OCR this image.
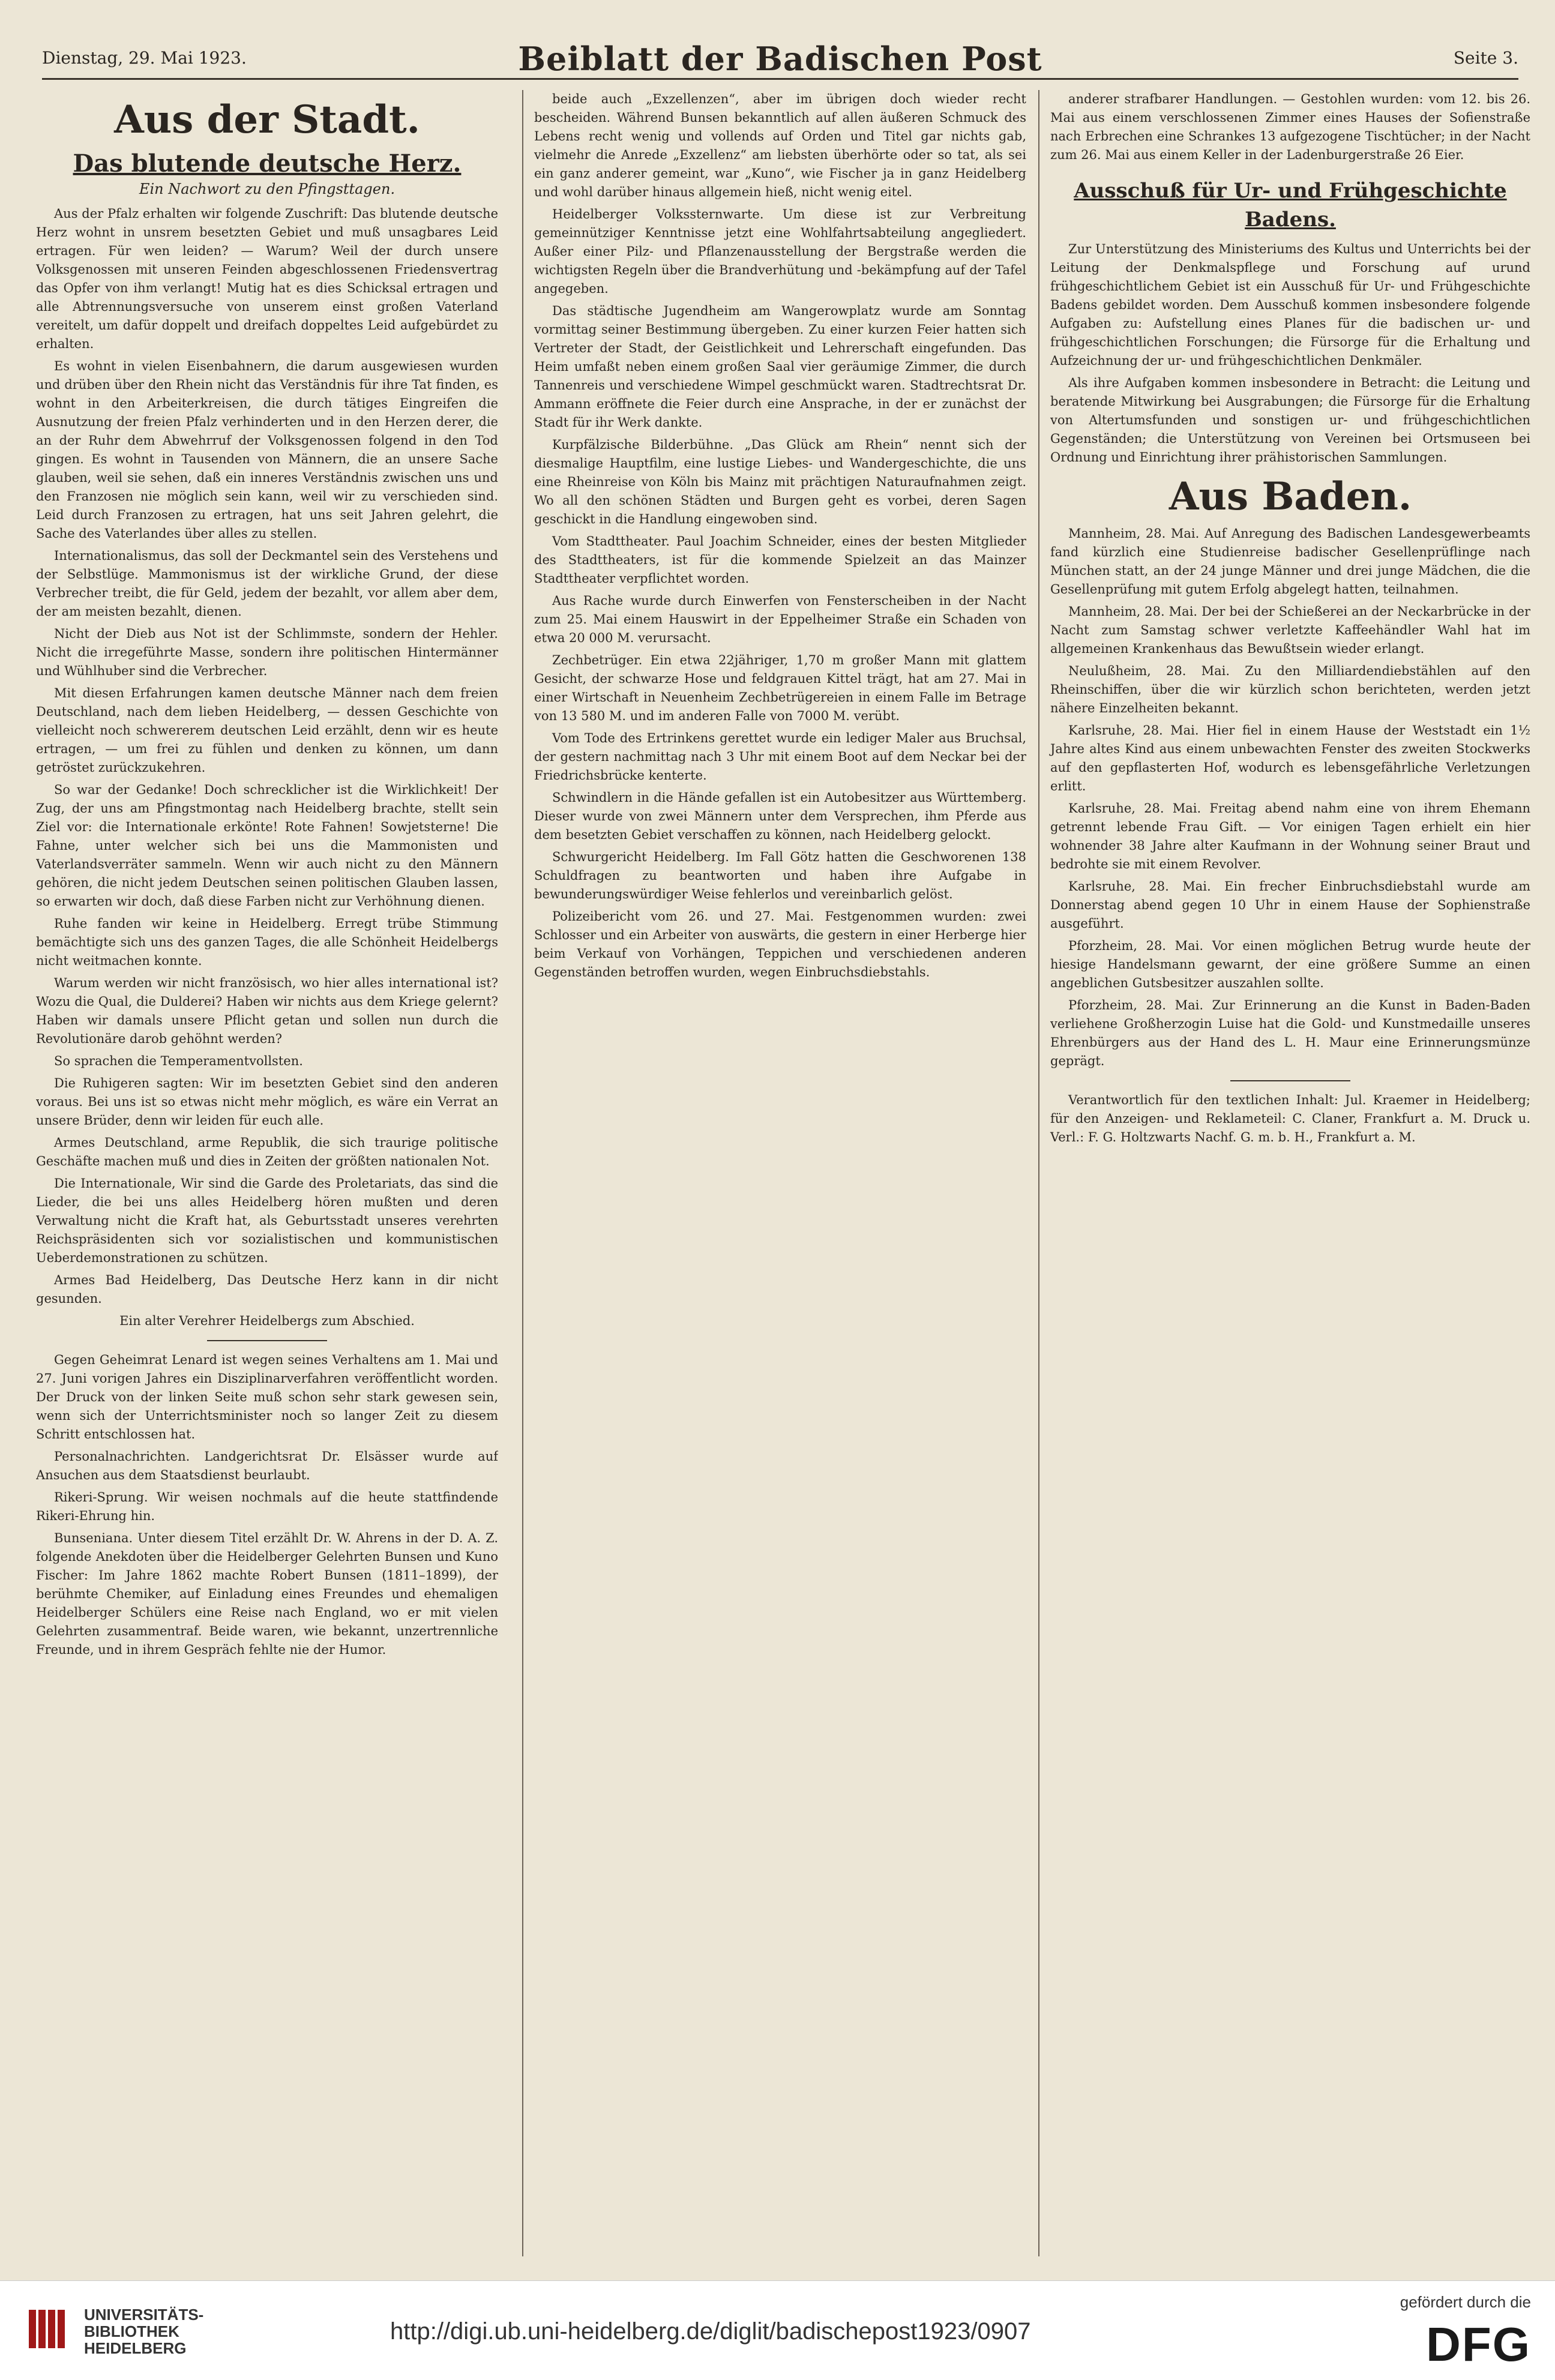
Dienstag, 29. Mai 1923.	Beiblatt der Badischen Post	Seite 3.
Aus der Stadt.
Das blutende deutsche Herz.
Ein Nachwort zu den Pfingsttagen.

Aus der Pfalz erhalten wir folgende Zuschrift: Das blutende deutsche Herz wohnt in unsrem besetzten Gebiet und muß unsagbares Leid ertragen. Für wen leiden? — Warum? Weil der durch unsere Volksgenossen mit unseren Feinden abgeschlossenen Friedensvertrag das Opfer von ihm verlangt! Mutig hat es dies Schicksal ertragen und alle Abtrennungsversuche von unserem einst großen Vaterland vereitelt, um dafür doppelt und dreifach doppeltes Leid aufgebürdet zu erhalten.

Es wohnt in vielen Eisenbahnern, die darum ausgewiesen wurden und drüben über den Rhein nicht das Verständnis für ihre Tat finden, es wohnt in den Arbeiterkreisen, die durch tätiges Eingreifen die Ausnutzung der freien Pfalz verhinderten und in den Herzen derer, die an der Ruhr dem Abwehrruf der Volksgenossen folgend in den Tod gingen. Es wohnt in Tausenden von Männern, die an unsere Sache glauben, weil sie sehen, daß ein inneres Verständnis zwischen uns und den Franzosen nie möglich sein kann, weil wir zu verschieden sind. Leid durch Franzosen zu ertragen, hat uns seit Jahren gelehrt, die Sache des Vaterlandes über alles zu stellen.

Internationalismus, das soll der Deckmantel sein des Verstehens und der Selbstlüge. Mammonismus ist der wirkliche Grund, der diese Verbrecher treibt, die für Geld, jedem der bezahlt, vor allem aber dem, der am meisten bezahlt, dienen.

Nicht der Dieb aus Not ist der Schlimmste, sondern der Hehler. Nicht die irregeführte Masse, sondern ihre politischen Hintermänner und Wühlhuber sind die Verbrecher.

Mit diesen Erfahrungen kamen deutsche Männer nach dem freien Deutschland, nach dem lieben Heidelberg, — dessen Geschichte von vielleicht noch schwererem deutschen Leid erzählt, denn wir es heute ertragen, — um frei zu fühlen und denken zu können, um dann getröstet zurückzukehren.

So war der Gedanke! Doch schrecklicher ist die Wirklichkeit! Der Zug, der uns am Pfingstmontag nach Heidelberg brachte, stellt sein Ziel vor: die Internationale erkönte! Rote Fahnen! Sowjetsterne! Die Fahne, unter welcher sich bei uns die Mammonisten und Vaterlandsverräter sammeln. Wenn wir auch nicht zu den Männern gehören, die nicht jedem Deutschen seinen politischen Glauben lassen, so erwarten wir doch, daß diese Farben nicht zur Verhöhnung dienen.

Ruhe fanden wir keine in Heidelberg. Erregt trübe Stimmung bemächtigte sich uns des ganzen Tages, die alle Schönheit Heidelbergs nicht weitmachen konnte.

Warum werden wir nicht französisch, wo hier alles international ist? Wozu die Qual, die Dulderei? Haben wir nichts aus dem Kriege gelernt? Haben wir damals unsere Pflicht getan und sollen nun durch die Revolutionäre darob gehöhnt werden?

So sprachen die Temperamentvollsten.

Die Ruhigeren sagten: Wir im besetzten Gebiet sind den anderen voraus. Bei uns ist so etwas nicht mehr möglich, es wäre ein Verrat an unsere Brüder, denn wir leiden für euch alle.

Armes Deutschland, arme Republik, die sich traurige politische Geschäfte machen muß und dies in Zeiten der größten nationalen Not.

Die Internationale, Wir sind die Garde des Proletariats, das sind die Lieder, die bei uns alles Heidelberg hören mußten und deren Verwaltung nicht die Kraft hat, als Geburtsstadt unseres verehrten Reichspräsidenten sich vor sozialistischen und kommunistischen Ueberdemonstrationen zu schützen.

Armes Bad Heidelberg, Das Deutsche Herz kann in dir nicht gesunden.

Ein alter Verehrer Heidelbergs zum Abschied.

Gegen Geheimrat Lenard ist wegen seines Verhaltens am 1. Mai und 27. Juni vorigen Jahres ein Disziplinarverfahren veröffentlicht worden. Der Druck von der linken Seite muß schon sehr stark gewesen sein, wenn sich der Unterrichtsminister noch so langer Zeit zu diesem Schritt entschlossen hat.

Personalnachrichten. Landgerichtsrat Dr. Elsässer wurde auf Ansuchen aus dem Staatsdienst beurlaubt.

Rikeri-Sprung. Wir weisen nochmals auf die heute stattfindende Rikeri-Ehrung hin.

Bunseniana. Unter diesem Titel erzählt Dr. W. Ahrens in der D. A. Z. folgende Anekdoten über die Heidelberger Gelehrten Bunsen und Kuno Fischer: Im Jahre 1862 machte Robert Bunsen (1811–1899), der berühmte Chemiker, auf Einladung eines Freundes und ehemaligen Heidelberger Schülers eine Reise nach England, wo er mit vielen Gelehrten zusammentraf. Beide waren, wie bekannt, unzertrennliche Freunde, und in ihrem Gespräch fehlte nie der Humor.

beide auch „Exzellenzen“, aber im übrigen doch wieder recht bescheiden. Während Bunsen bekanntlich auf allen äußeren Schmuck des Lebens recht wenig und vollends auf Orden und Titel gar nichts gab, vielmehr die Anrede „Exzellenz“ am liebsten überhörte oder so tat, als sei ein ganz anderer gemeint, war „Kuno“, wie Fischer ja in ganz Heidelberg und wohl darüber hinaus allgemein hieß, nicht wenig eitel.

Heidelberger Volkssternwarte. Um diese ist zur Verbreitung gemeinnütziger Kenntnisse jetzt eine Wohlfahrtsabteilung angegliedert. Außer einer Pilz- und Pflanzenausstellung der Bergstraße werden die wichtigsten Regeln über die Brandverhütung und -bekämpfung auf der Tafel angegeben.

Das städtische Jugendheim am Wangerowplatz wurde am Sonntag vormittag seiner Bestimmung übergeben. Zu einer kurzen Feier hatten sich Vertreter der Stadt, der Geistlichkeit und Lehrerschaft eingefunden. Das Heim umfaßt neben einem großen Saal vier geräumige Zimmer, die durch Tannenreis und verschiedene Wimpel geschmückt waren. Stadtrechtsrat Dr. Ammann eröffnete die Feier durch eine Ansprache, in der er zunächst der Stadt für ihr Werk dankte.

Kurpfälzische Bilderbühne. „Das Glück am Rhein“ nennt sich der diesmalige Hauptfilm, eine lustige Liebes- und Wandergeschichte, die uns eine Rheinreise von Köln bis Mainz mit prächtigen Naturaufnahmen zeigt. Wo all den schönen Städten und Burgen geht es vorbei, deren Sagen geschickt in die Handlung eingewoben sind.

Vom Stadttheater. Paul Joachim Schneider, eines der besten Mitglieder des Stadttheaters, ist für die kommende Spielzeit an das Mainzer Stadttheater verpflichtet worden.

Aus Rache wurde durch Einwerfen von Fensterscheiben in der Nacht zum 25. Mai einem Hauswirt in der Eppelheimer Straße ein Schaden von etwa 20 000 M. verursacht.

Zechbetrüger. Ein etwa 22jähriger, 1,70 m großer Mann mit glattem Gesicht, der schwarze Hose und feldgrauen Kittel trägt, hat am 27. Mai in einer Wirtschaft in Neuenheim Zechbetrügereien in einem Falle im Betrage von 13 580 M. und im anderen Falle von 7000 M. verübt.

Vom Tode des Ertrinkens gerettet wurde ein lediger Maler aus Bruchsal, der gestern nachmittag nach 3 Uhr mit einem Boot auf dem Neckar bei der Friedrichsbrücke kenterte.

Schwindlern in die Hände gefallen ist ein Autobesitzer aus Württemberg. Dieser wurde von zwei Männern unter dem Versprechen, ihm Pferde aus dem besetzten Gebiet verschaffen zu können, nach Heidelberg gelockt.

Schwurgericht Heidelberg. Im Fall Götz hatten die Geschworenen 138 Schuldfragen zu beantworten und haben ihre Aufgabe in bewunderungswürdiger Weise fehlerlos und vereinbarlich gelöst.

Polizeibericht vom 26. und 27. Mai. Festgenommen wurden: zwei Schlosser und ein Arbeiter von auswärts, die gestern in einer Herberge hier beim Verkauf von Vorhängen, Teppichen und verschiedenen anderen Gegenständen betroffen wurden, wegen Einbruchsdiebstahls.

anderer strafbarer Handlungen. — Gestohlen wurden: vom 12. bis 26. Mai aus einem verschlossenen Zimmer eines Hauses der Sofienstraße nach Erbrechen eine Schrankes 13 aufgezogene Tischtücher; in der Nacht zum 26. Mai aus einem Keller in der Ladenburgerstraße 26 Eier.

Ausschuß für Ur- und Frühgeschichte Badens.

Zur Unterstützung des Ministeriums des Kultus und Unterrichts bei der Leitung der Denkmalspflege und Forschung auf urund frühgeschichtlichem Gebiet ist ein Ausschuß für Ur- und Frühgeschichte Badens gebildet worden. Dem Ausschuß kommen insbesondere folgende Aufgaben zu: Aufstellung eines Planes für die badischen ur- und frühgeschichtlichen Forschungen; die Fürsorge für die Erhaltung und Aufzeichnung der ur- und frühgeschichtlichen Denkmäler.

Als ihre Aufgaben kommen insbesondere in Betracht: die Leitung und beratende Mitwirkung bei Ausgrabungen; die Fürsorge für die Erhaltung von Altertumsfunden und sonstigen ur- und frühgeschichtlichen Gegenständen; die Unterstützung von Vereinen bei Ortsmuseen bei Ordnung und Einrichtung ihrer prähistorischen Sammlungen.

Aus Baden.

Mannheim, 28. Mai. Auf Anregung des Badischen Landesgewerbeamts fand kürzlich eine Studienreise badischer Gesellenprüflinge nach München statt, an der 24 junge Männer und drei junge Mädchen, die die Gesellenprüfung mit gutem Erfolg abgelegt hatten, teilnahmen.

Mannheim, 28. Mai. Der bei der Schießerei an der Neckarbrücke in der Nacht zum Samstag schwer verletzte Kaffeehändler Wahl hat im allgemeinen Krankenhaus das Bewußtsein wieder erlangt.

Neulußheim, 28. Mai. Zu den Milliardendiebstählen auf den Rheinschiffen, über die wir kürzlich schon berichteten, werden jetzt nähere Einzelheiten bekannt.

Karlsruhe, 28. Mai. Hier fiel in einem Hause der Weststadt ein 1½ Jahre altes Kind aus einem unbewachten Fenster des zweiten Stockwerks auf den gepflasterten Hof, wodurch es lebensgefährliche Verletzungen erlitt.

Karlsruhe, 28. Mai. Freitag abend nahm eine von ihrem Ehemann getrennt lebende Frau Gift. — Vor einigen Tagen erhielt ein hier wohnender 38 Jahre alter Kaufmann in der Wohnung seiner Braut und bedrohte sie mit einem Revolver.

Karlsruhe, 28. Mai. Ein frecher Einbruchsdiebstahl wurde am Donnerstag abend gegen 10 Uhr in einem Hause der Sophienstraße ausgeführt.

Pforzheim, 28. Mai. Vor einen möglichen Betrug wurde heute der hiesige Handelsmann gewarnt, der eine größere Summe an einen angeblichen Gutsbesitzer auszahlen sollte.

Pforzheim, 28. Mai. Zur Erinnerung an die Kunst in Baden-Baden verliehene Großherzogin Luise hat die Gold- und Kunstmedaille unseres Ehrenbürgers aus der Hand des L. H. Maur eine Erinnerungsmünze geprägt.

Verantwortlich für den textlichen Inhalt: Jul. Kraemer in Heidelberg; für den Anzeigen- und Reklameteil: C. Claner, Frankfurt a. M. Druck u. Verl.: F. G. Holtzwarts Nachf. G. m. b. H., Frankfurt a. M.

UNIVERSITÄTS-
BIBLIOTHEK
HEIDELBERG
http://digi.ub.uni-heidelberg.de/diglit/badischepost1923/0907
gefördert durch die
DFG
